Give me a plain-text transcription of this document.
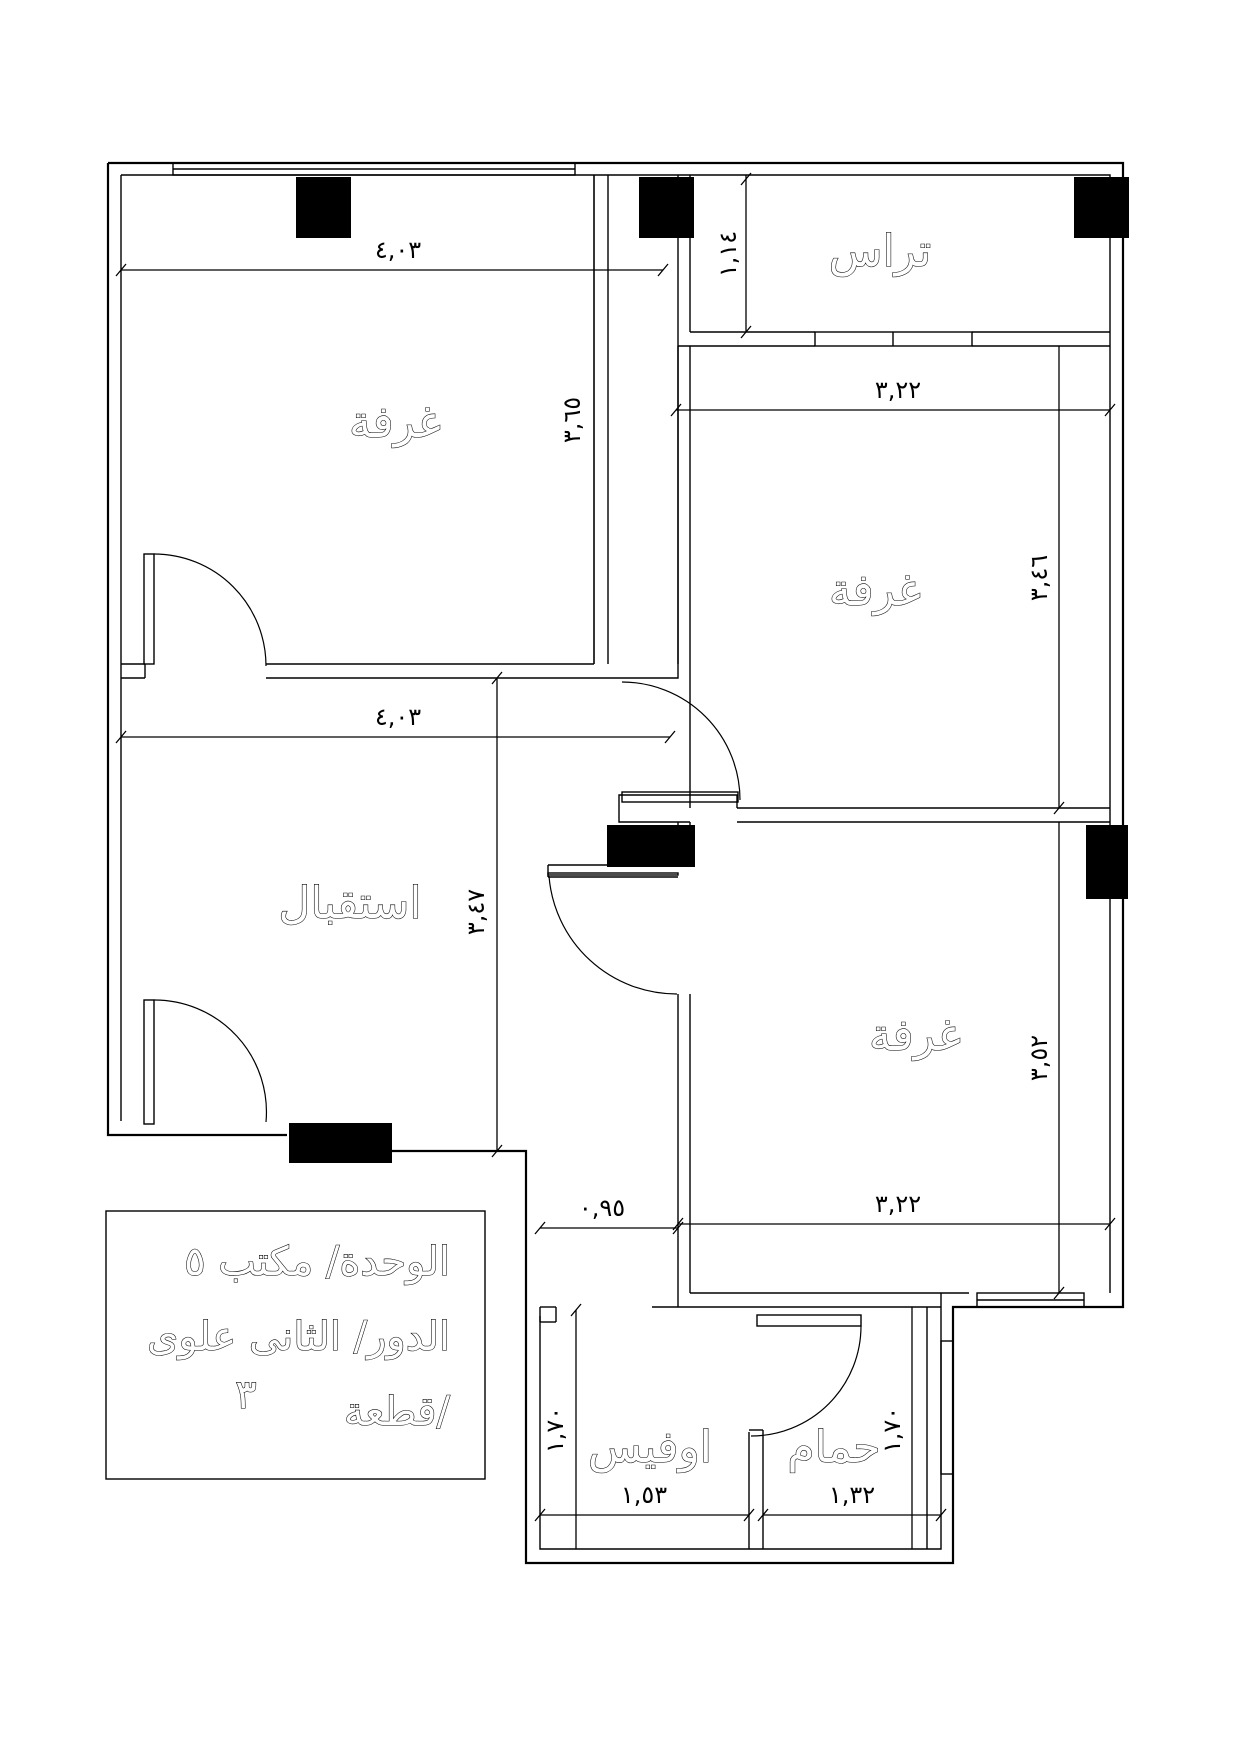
غرفة
غرفة
غرفة
استقبال
تراس
اوفيس حمام
٤,٠٣
٣,٦٥
١,١٤
٣,٢٢
٣,٤٦
٤,٠٣
٣,٤٧
٣,٥٢
٣,٢٢
٠,٩٥
١,٧٠
١,٥٣
١,٧٠
١,٣٢
الوحدة/ مكتب ٥
الدور/ الثانى علوى
قطعة/
٣
